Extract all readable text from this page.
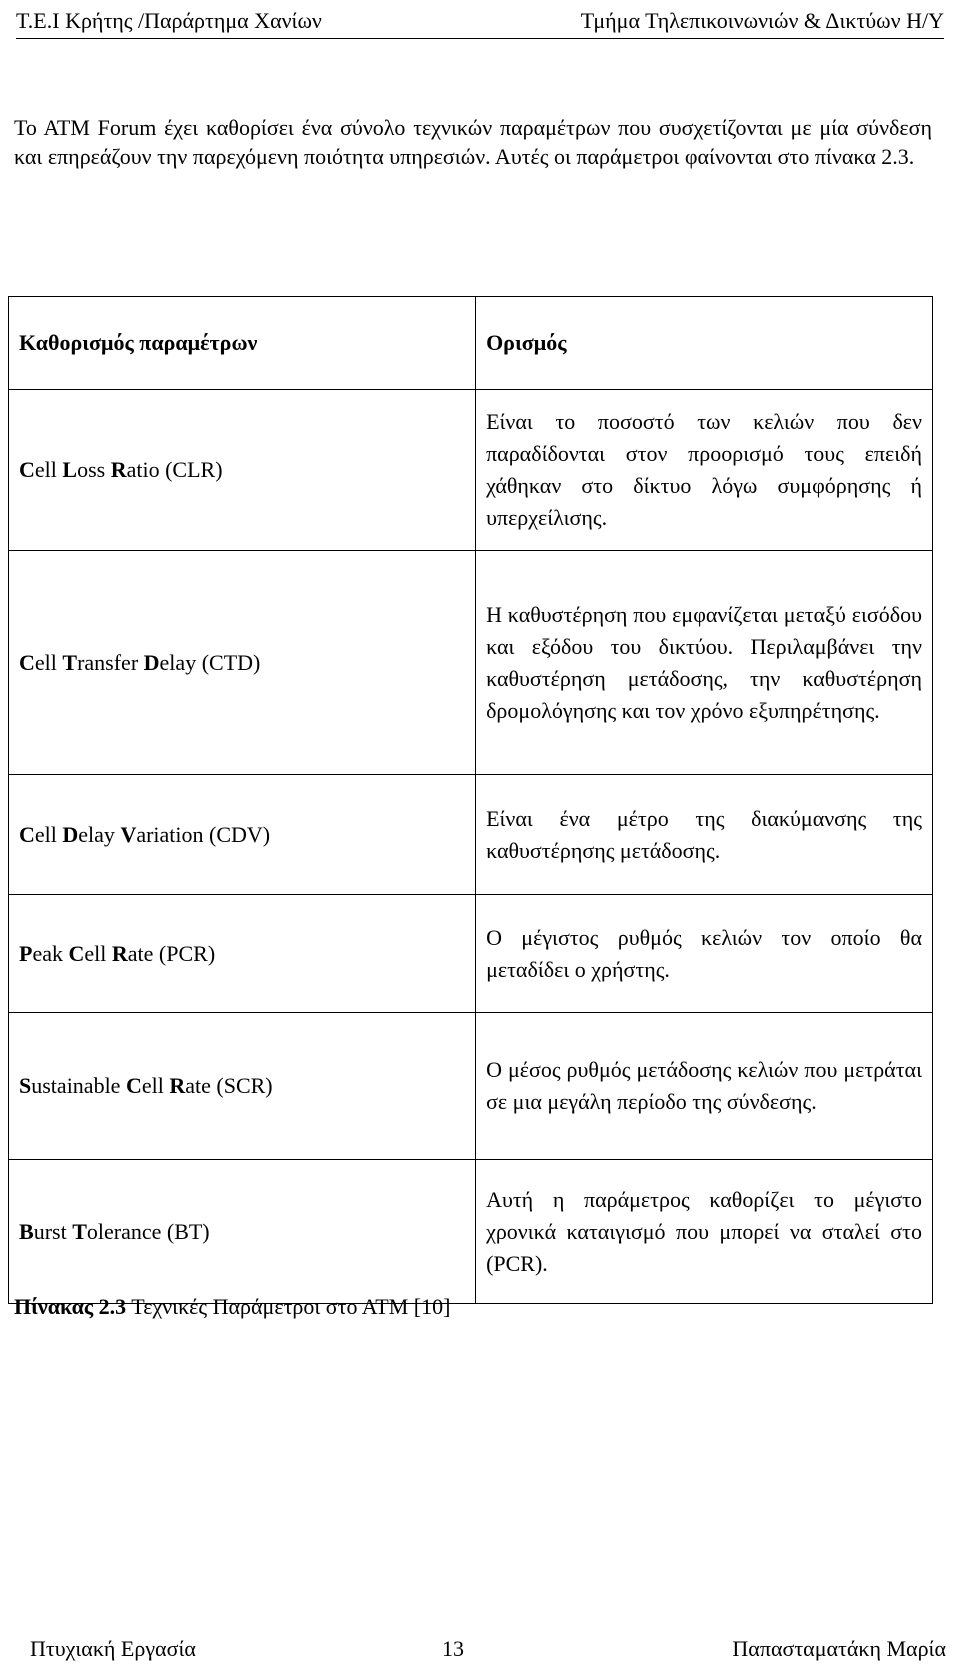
Τ.Ε.Ι Κρήτης /Παράρτημα Χανίων	Τμήμα Τηλεπικοινωνιών & Δικτύων Η/Υ

To ATM Forum έχει καθορίσει ένα σύνολο τεχνικών παραμέτρων που συσχετίζονται με μία σύνδεση και επηρεάζουν την παρεχόμενη ποιότητα υπηρεσιών. Αυτές οι παράμετροι φαίνονται στο πίνακα 2.3.

Καθορισμός παραμέτρων	Ορισμός
Cell Loss Ratio (CLR)	Είναι το ποσοστό των κελιών που δεν παραδίδονται στον προορισμό τους επειδή χάθηκαν στο δίκτυο λόγω συμφόρησης ή υπερχείλισης.
Cell Transfer Delay (CTD)	Η καθυστέρηση που εμφανίζεται μεταξύ εισόδου και εξόδου του δικτύου. Περιλαμβάνει την καθυστέρηση μετάδοσης, την καθυστέρηση δρομολόγησης και τον χρόνο εξυπηρέτησης.
Cell Delay Variation (CDV)	Είναι ένα μέτρο της διακύμανσης της καθυστέρησης μετάδοσης.
Peak Cell Rate (PCR)	Ο μέγιστος ρυθμός κελιών τον οποίο θα μεταδίδει ο χρήστης.
Sustainable Cell Rate (SCR)	Ο μέσος ρυθμός μετάδοσης κελιών που μετράται σε μια μεγάλη περίοδο της σύνδεσης.
Burst Tolerance (BT)	Αυτή η παράμετρος καθορίζει το μέγιστο χρονικά καταιγισμό που μπορεί να σταλεί στο (PCR).

Πίνακας 2.3 Τεχνικές Παράμετροι στο ΑΤΜ [10]

Πτυχιακή Εργασία	13	Παπασταματάκη Μαρία
